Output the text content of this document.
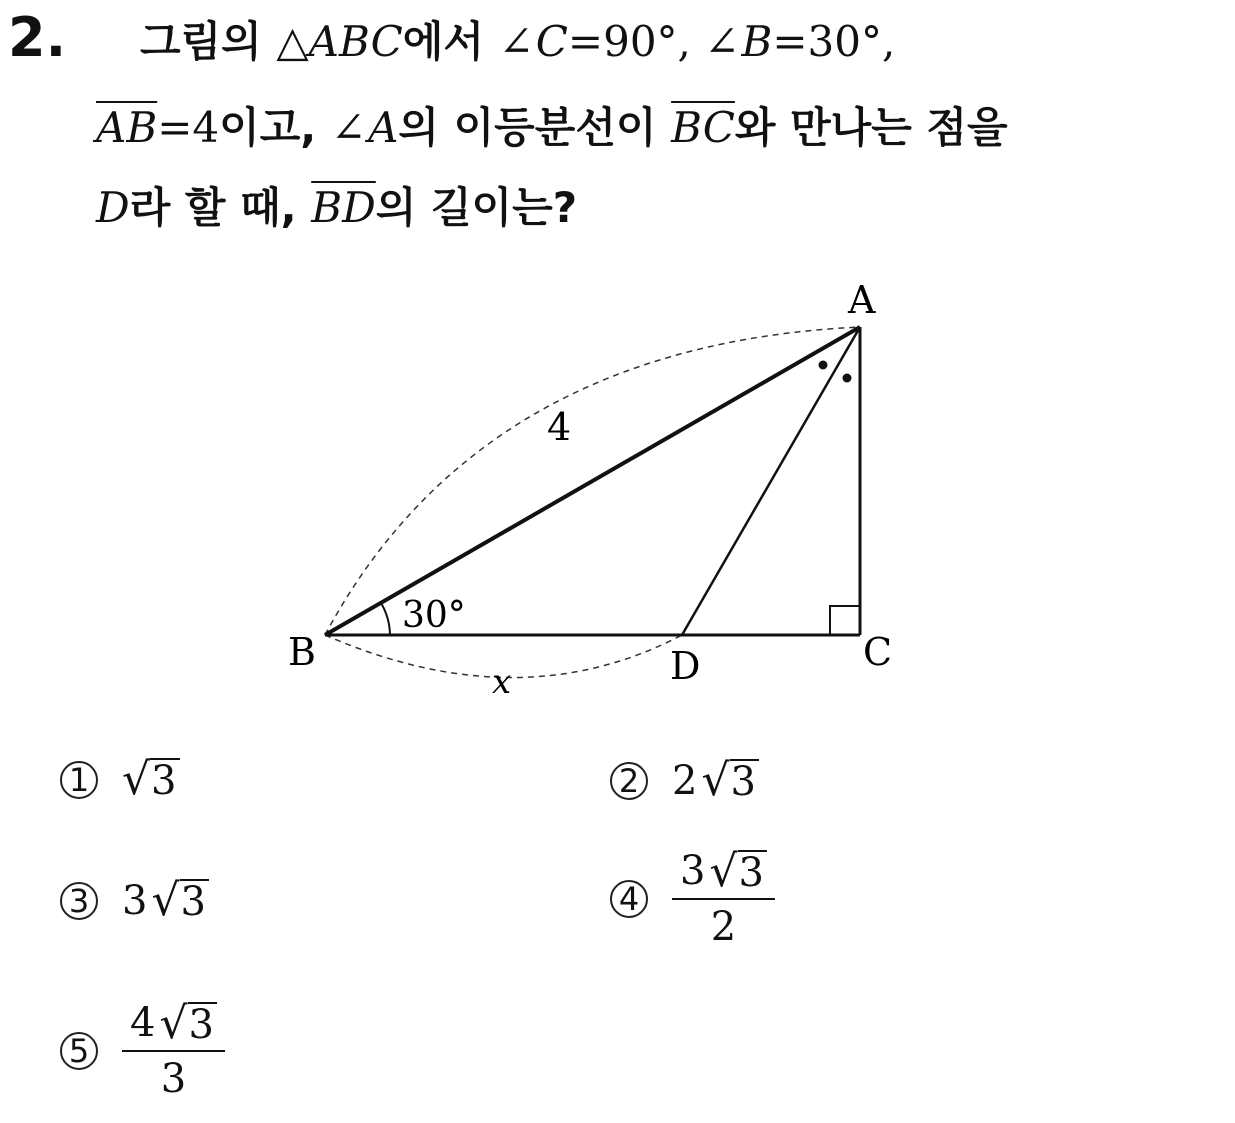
2. 그림의 △ABC에서 ∠C=90°, ∠B=30°,
$\overline{AB}=4$이고, ∠A의 이등분선이 $\overline{BC}$와 만나는 점을
D라 할 때, $\overline{BD}$의 길이는?
A
B	C
D
4
30°
x
1 √ 3	2 2 √ 3
3 3 √ 3	$4 \frac{3 √ 3}{2}$
$5 \frac{4 √ 3}{3}$
